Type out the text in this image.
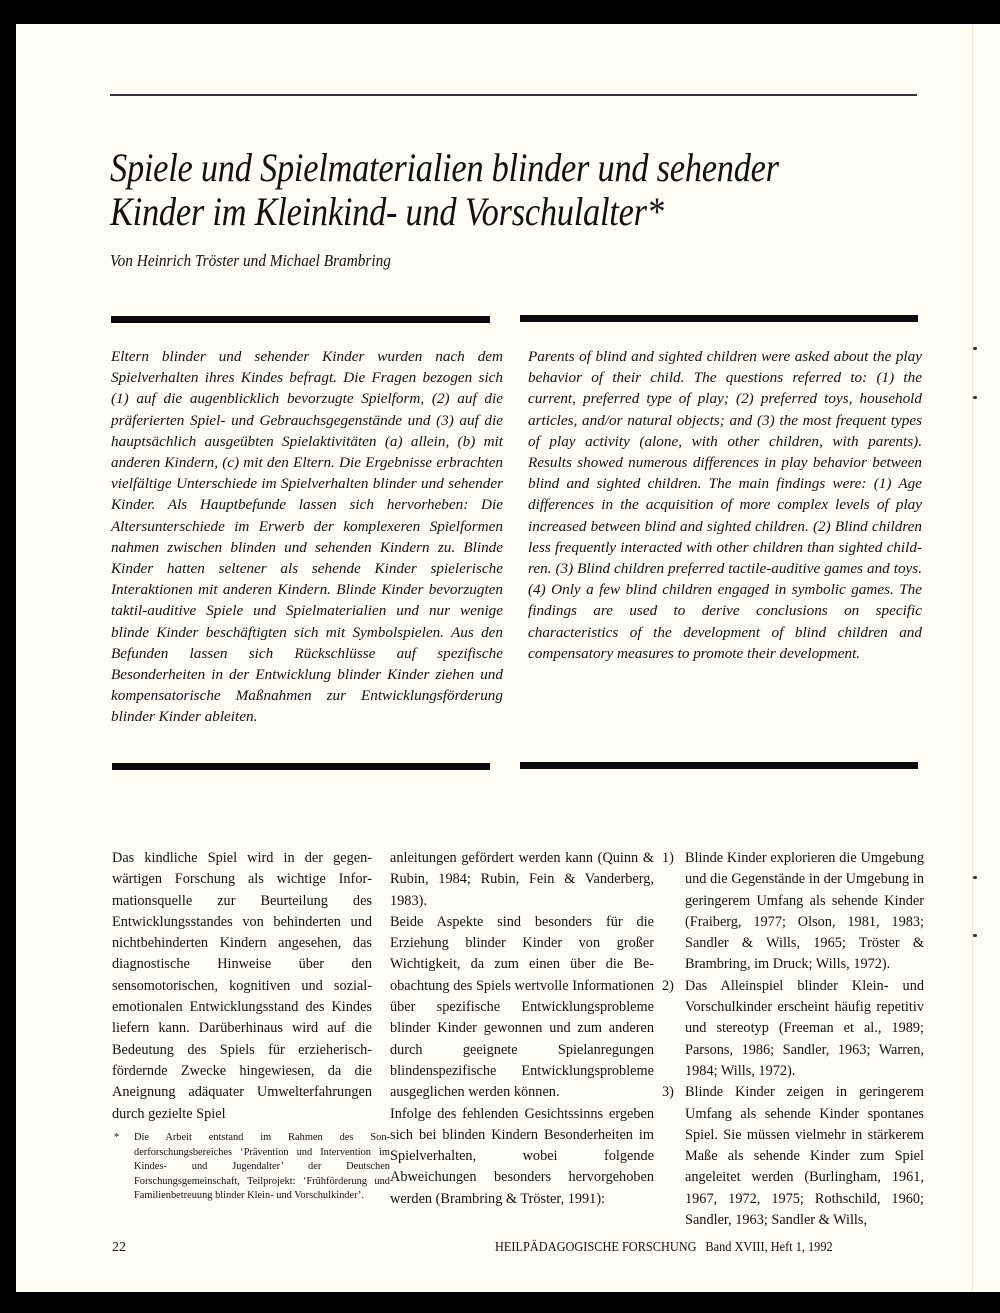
Spiele und Spielmaterialien blinder und sehender
Kinder im Kleinkind- und Vorschulalter*
Von Heinrich Tröster und Michael Brambring
Eltern blinder und sehender Kinder wurden nach dem Spielverhalten ihres Kindes befragt. Die Fragen bezogen sich (1) auf die augenblicklich bevorzugte Spielform, (2) auf die präferierten Spiel- und Gebrauchsgegenstände und (3) auf die hauptsächlich ausgeübten Spielaktivitäten (a) allein, (b) mit anderen Kindern, (c) mit den Eltern. Die Ergebnisse erbrachten vielfältige Unterschiede im Spielverhalten blinder und sehender Kinder. Als Hauptbefunde lassen sich hervorheben: Die Altersunterschiede im Erwerb der komplexeren Spielformen nahmen zwischen blinden und sehenden Kindern zu. Blinde Kinder hatten seltener als sehende Kinder spielerische Interaktionen mit anderen Kindern. Blinde Kinder bevorzugten taktil-auditive Spiele und Spielmaterialien und nur wenige blinde Kinder beschäftigten sich mit Symbolspielen. Aus den Befunden lassen sich Rückschlüsse auf spezifische Besonderheiten in der Entwicklung blinder Kinder ziehen und kompensatorische Maßnahmen zur Entwicklungsförderung blinder Kinder ableiten.
Parents of blind and sighted children were asked about the play behavior of their child. The questions referred to: (1) the current, preferred type of play; (2) preferred toys, household articles, and/or natural objects; and (3) the most frequent types of play activity (alone, with other children, with parents). Results showed numerous differences in play behavior between blind and sighted children. The main findings were: (1) Age differences in the acquisition of more complex levels of play increased between blind and sighted children. (2) Blind children less frequently interacted with other children than sighted children. (3) Blind children preferred tactile-auditive games and toys. (4) Only a few blind children engaged in symbolic games. The findings are used to derive conclusions on specific characteristics of the development of blind children and compensatory measures to promote their development.

Das kindliche Spiel wird in der gegenwärtigen Forschung als wichtige Informationsquelle zur Beurteilung des Entwicklungsstandes von behinderten und nichtbehinderten Kindern angesehen, das diagnostische Hinweise über den sensomotorischen, kognitiven und sozial-emotionalen Entwicklungsstand des Kindes liefern kann. Darüberhinaus wird auf die Bedeutung des Spiels für erzieherisch-fördernde Zwecke hingewiesen, da die Aneignung adäquater Umwelterfahrungen durch gezielte Spiel

anleitungen gefördert werden kann (Quinn & Rubin, 1984; Rubin, Fein & Vanderberg, 1983).

Beide Aspekte sind besonders für die Erziehung blinder Kinder von großer Wichtigkeit, da zum einen über die Beobachtung des Spiels wertvolle Informationen über spezifische Entwicklungsprobleme blinder Kinder gewonnen und zum anderen durch geeignete Spielanregungen blindenspezifische Entwicklungsprobleme ausgeglichen werden können.

Infolge des fehlenden Gesichtssinns ergeben sich bei blinden Kindern Besonderheiten im Spielverhalten, wobei folgende Abweichungen besonders hervorgehoben werden (Brambring & Tröster, 1991):

1) Blinde Kinder explorieren die Umgebung und die Gegenstände in der Umgebung in geringerem Umfang als sehende Kinder (Fraiberg, 1977; Olson, 1981, 1983; Sandler & Wills, 1965; Tröster & Brambring, im Druck; Wills, 1972).
2) Das Alleinspiel blinder Klein- und Vorschulkinder erscheint häufig repetitiv und stereotyp (Freeman et al., 1989; Parsons, 1986; Sandler, 1963; Warren, 1984; Wills, 1972).
3) Blinde Kinder zeigen in geringerem Umfang als sehende Kinder spontanes Spiel. Sie müssen vielmehr in stärkerem Maße als sehende Kinder zum Spiel angeleitet werden (Burlingham, 1961, 1967, 1972, 1975; Rothschild, 1960; Sandler, 1963; Sandler & Wills,
* Die Arbeit entstand im Rahmen des Sonderforschungsbereiches ‘Prävention und Intervention im Kindes- und Jugendalter’ der Deutschen Forschungsgemeinschaft, Teilprojekt: ‘Frühförderung und Familienbetreuung blinder Klein- und Vorschulkinder’.
22	HEILPÄDAGOGISCHE FORSCHUNG Band XVIII, Heft 1, 1992
